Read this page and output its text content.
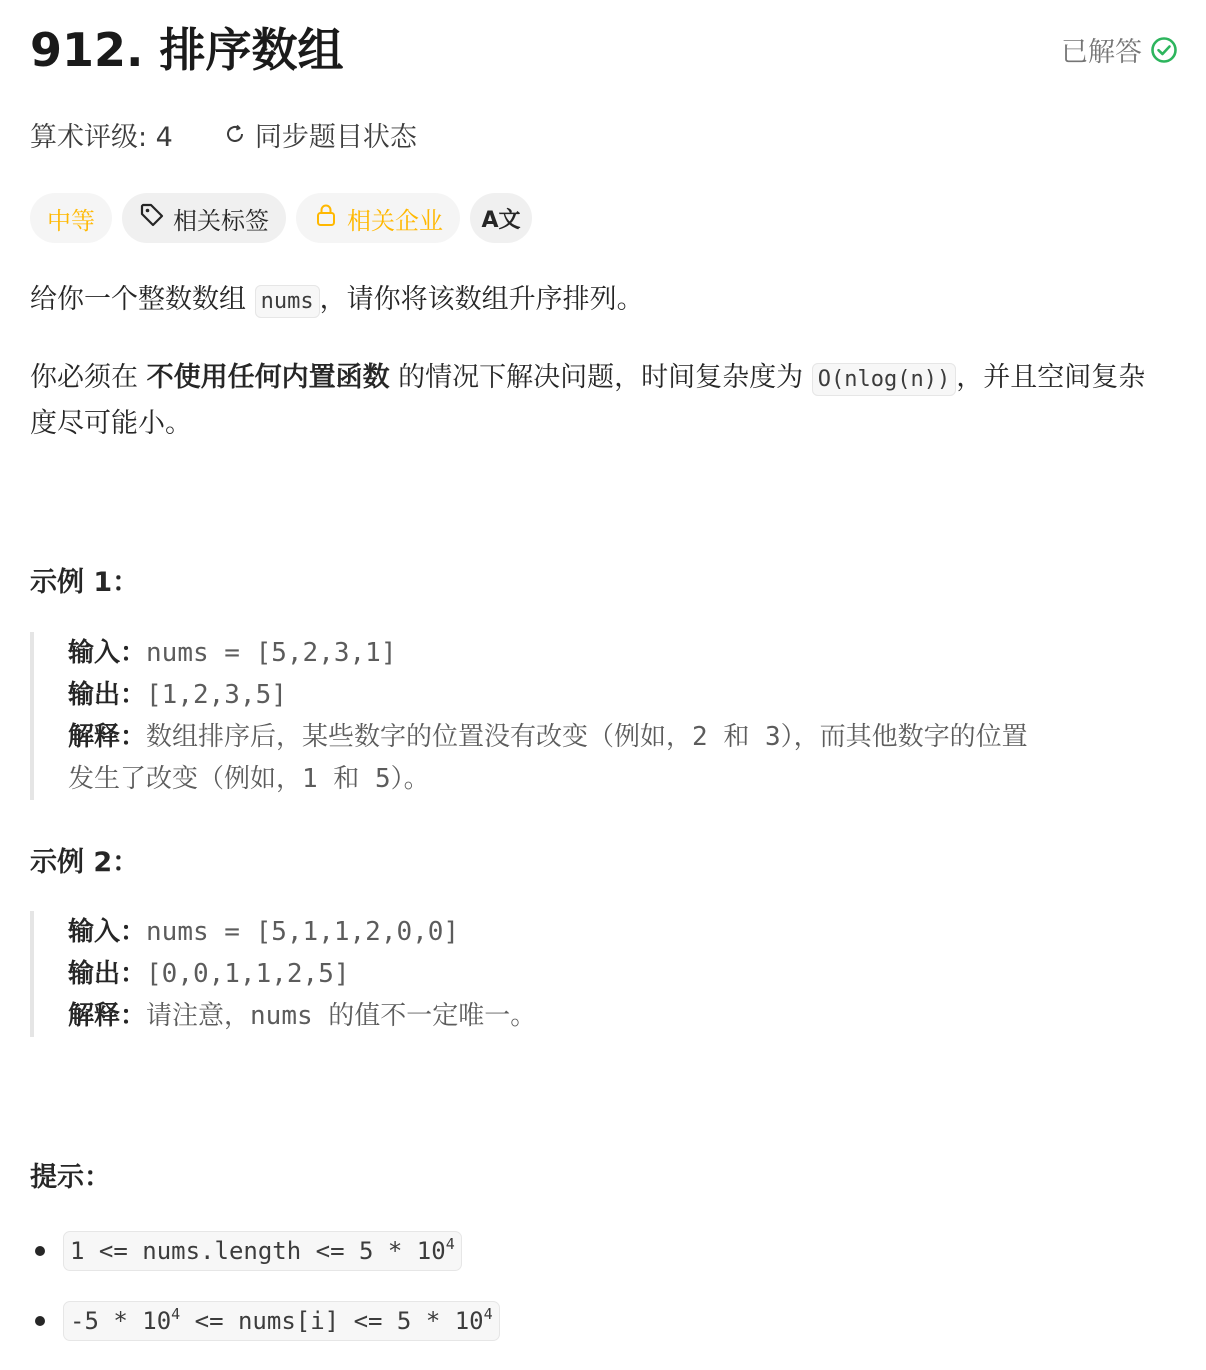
912. 排序数组	已解答
算术评级: 4	同步题目状态
中等	相关标签	相关企业 A文

给你一个整数数组 nums ，请你将该数组升序排列。

你必须在 不使用任何内置函数 的情况下解决问题，时间复杂度为 O(nlog(n)) ，并且空间复杂度尽可能小。

示例 1：
输入：nums = [5,2,3,1]
输出：[1,2,3,5]
解释：数组排序后，某些数字的位置没有改变（例如，2 和 3），而其他数字的位置
发生了改变（例如，1 和 5）。
示例 2：
输入：nums = [5,1,1,2,0,0]
输出：[0,0,1,1,2,5]
解释：请注意，nums 的值不一定唯一。
提示：
1 <= nums.length <= $5 * 10^4$
$-5 * 10^4$ <= nums[i] <= $5 * 10^4$
